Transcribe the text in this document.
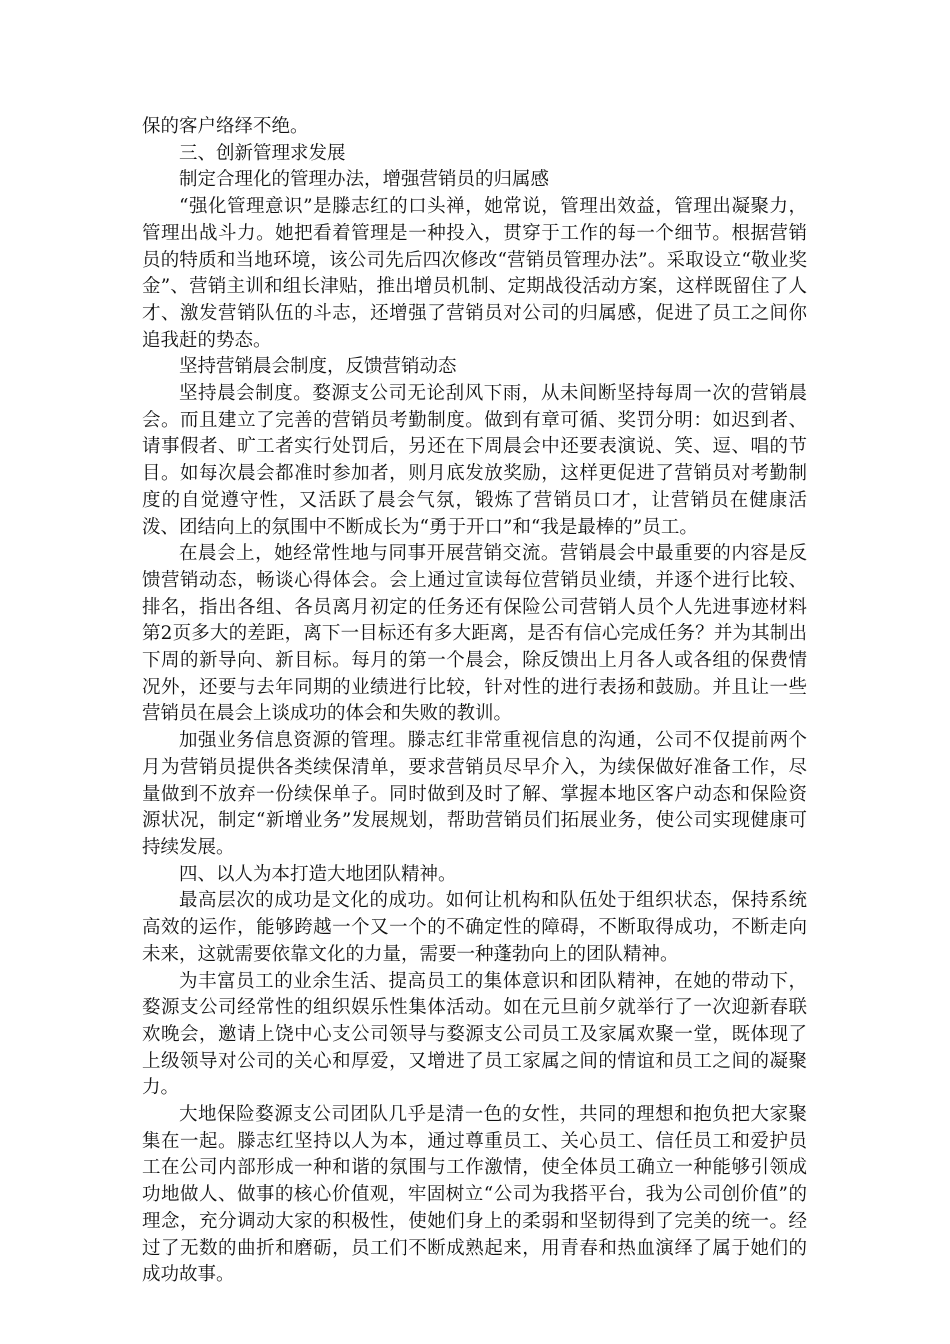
保的客户络绎不绝。

三、创新管理求发展

制定合理化的管理办法，增强营销员的归属感

“强化管理意识”是滕志红的口头禅，她常说，管理出效益，管理出凝聚力，管理出战斗力。她把看着管理是一种投入，贯穿于工作的每一个细节。根据营销员的特质和当地环境，该公司先后四次修改“营销员管理办法”。采取设立“敬业奖金”、营销主训和组长津贴，推出增员机制、定期战役活动方案，这样既留住了人才、激发营销队伍的斗志，还增强了营销员对公司的归属感，促进了员工之间你追我赶的势态。

坚持营销晨会制度，反馈营销动态

坚持晨会制度。婺源支公司无论刮风下雨，从未间断坚持每周一次的营销晨会。而且建立了完善的营销员考勤制度。做到有章可循、奖罚分明：如迟到者、请事假者、旷工者实行处罚后，另还在下周晨会中还要表演说、笑、逗、唱的节目。如每次晨会都准时参加者，则月底发放奖励，这样更促进了营销员对考勤制度的自觉遵守性，又活跃了晨会气氛，锻炼了营销员口才，让营销员在健康活泼、团结向上的氛围中不断成长为“勇于开口”和“我是最棒的”员工。

在晨会上，她经常性地与同事开展营销交流。营销晨会中最重要的内容是反馈营销动态，畅谈心得体会。会上通过宣读每位营销员业绩，并逐个进行比较、排名，指出各组、各员离月初定的任务还有保险公司营销人员个人先进事迹材料第2页多大的差距，离下一目标还有多大距离，是否有信心完成任务？并为其制出下周的新导向、新目标。每月的第一个晨会，除反馈出上月各人或各组的保费情况外，还要与去年同期的业绩进行比较，针对性的进行表扬和鼓励。并且让一些营销员在晨会上谈成功的体会和失败的教训。

加强业务信息资源的管理。滕志红非常重视信息的沟通，公司不仅提前两个月为营销员提供各类续保清单，要求营销员尽早介入，为续保做好准备工作，尽量做到不放弃一份续保单子。同时做到及时了解、掌握本地区客户动态和保险资源状况，制定“新增业务”发展规划，帮助营销员们拓展业务，使公司实现健康可持续发展。

四、以人为本打造大地团队精神。

最高层次的成功是文化的成功。如何让机构和队伍处于组织状态，保持系统高效的运作，能够跨越一个又一个的不确定性的障碍，不断取得成功，不断走向未来，这就需要依靠文化的力量，需要一种蓬勃向上的团队精神。

为丰富员工的业余生活、提高员工的集体意识和团队精神，在她的带动下，婺源支公司经常性的组织娱乐性集体活动。如在元旦前夕就举行了一次迎新春联欢晚会，邀请上饶中心支公司领导与婺源支公司员工及家属欢聚一堂，既体现了上级领导对公司的关心和厚爱，又增进了员工家属之间的情谊和员工之间的凝聚力。

大地保险婺源支公司团队几乎是清一色的女性，共同的理想和抱负把大家聚集在一起。滕志红坚持以人为本，通过尊重员工、关心员工、信任员工和爱护员工在公司内部形成一种和谐的氛围与工作激情，使全体员工确立一种能够引领成功地做人、做事的核心价值观，牢固树立“公司为我搭平台，我为公司创价值”的理念，充分调动大家的积极性，使她们身上的柔弱和坚韧得到了完美的统一。经过了无数的曲折和磨砺，员工们不断成熟起来，用青春和热血演绎了属于她们的成功故事。
